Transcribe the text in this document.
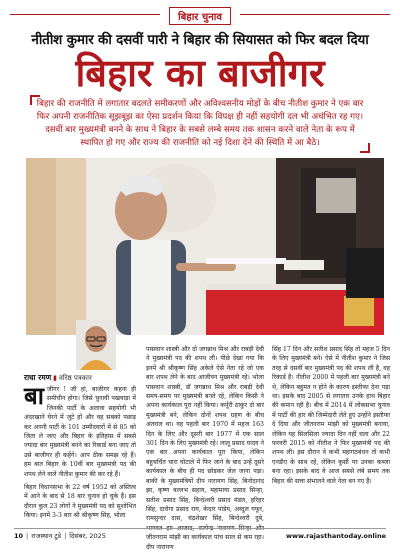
बिहार चुनाव
नीतीश कुमार की दसवीं पारी ने बिहार की सियासत को फिर बदल दिया
बिहार का बाजीगर
बिहार की राजनीति में लगातार बदलते समीकरणों और अविश्वसनीय मोड़ों के बीच नीतीश कुमार ने एक बार फिर अपनी राजनीतिक सूझबूझ का ऐसा प्रदर्शन किया कि विपक्ष ही नहीं सहयोगी दल भी अचंभित रह गए। दसवीं बार मुख्यमंत्री बनने के साथ ने बिहार के सबसे लम्बे समय तक शासन करने वाले नेता के रूप में स्थापित हो गए और राज्य की राजनीति को नई दिशा देने की स्थिति में आ बैठे।
राधा रमण ▮ वरिष्ठ पत्रकार

बाजीगर ! जी हां, बाजीगर कहना ही समीचीन होगा। जिसे चुनावी पखवाड़ा में जिनकी पार्टी के अलावा सहयोगी भी अंदरखाने घेरने में जुटे हों और वह सबको पछाड़ कर अपनी पार्टी के 101 उम्मीदवारों में से 85 को जिता ले जाए और बिहार के इतिहास में सबसे ज्यादा बार मुख्यमंत्री बनने का रिकार्ड बना जाए तो उसे बाजीगर ही कहेंगे। आप ठीक समझ रहे हैं। हम बात बिहार के 10वीं बार मुख्यमंत्री पद की शपथ लेने वाले नीतीश कुमार की कर रहे हैं।

बिहार विधानसभा के 22 वर्ष 1952 को अस्तित्व में आने के बाद से 18 बार चुनाव हो चुके हैं। इस दौरान कुल 23 लोगों ने मुख्यमंत्री पद को सुशोभित किया। इनमें 3-3 बार श्री श्रीकृष्ण सिंह, भोला

पासवान शास्त्री और दो जगन्नाथ मिश्र और राबड़ी देवी ने मुख्यमंत्री पद की शपथ ली। पीछे देखा गया कि इनमें श्री श्रीकृष्ण सिंह अकेले ऐसे नेता रहे जो एक बार शपथ लेने के बाद आजीवन मुख्यमंत्री रहे। भोला पासवान शास्त्री, डॉ जगन्नाथ मिश्र और राबड़ी देवी समय-समय पर मुख्यमंत्री बनते रहे, लेकिन किसी ने अपना कार्यकाल पूरा नहीं किया। कर्पूरी ठाकुर दो बार मुख्यमंत्री बने, लेकिन दोनों शपथ ग्रहण के बीच अंतराल था। वह पहली बार 1970 में महज 163 दिन के लिए और दूसरी बार 1977 में एक साल 301 दिन के लिए मुख्यमंत्री रहे। लालू प्रसाद यादव ने एक बार अपना कार्यकाल पूरा किया, लेकिन बहुचर्चित चारा घोटाले में फिर जाने के बाद उन्हें दूसरे कार्यकाल के बीच ही पद छोड़कर जेल जाना पड़ा। बाकी के मुख्यमंत्रियों दीप नारायण सिंह, बिनोदानंद झा, कृष्ण बल्लभ सहाय, महामाया प्रसाद सिन्हा, सतीश प्रसाद सिंह, बिन्देश्वरी प्रसाद मंडल, हरिहर सिंह, दारोगा प्रसाद राय, केदार पांडेय, अब्दुल गफूर, रामसुन्दर दास, चंद्रशेखर सिंह, बिन्देश्वरी दुबे, भागवत झा आजाद, सत्येन्द्र नारायण सिन्हा और जीतनराम मांझी का कार्यकाल पांच साल से कम रहा। दीप नारायण

सिंह 17 दिन और सतीश प्रसाद सिंह तो महज 5 दिन के लिए मुख्यमंत्री बने। ऐसे में नीतीश कुमार ने जिस तरह से दसवीं बार मुख्यमंत्री पद की शपथ ली है, वह रिकार्ड है। नीतीश 2000 में पहली बार मुख्यमंत्री बने थे, लेकिन बहुमत न होने के कारण इस्तीफा देना पड़ा था। इसके बाद 2005 से लगातार उनके हाथ बिहार की कमान रही है। बीच में 2014 में लोकसभा चुनाव में पार्टी की हार की जिम्मेदारी लेते हुए उन्होंने इस्तीफा दे दिया और जीतनराम मांझी को मुख्यमंत्री बनाया, लेकिन यह सिलसिला ज्यादा दिन नहीं चला और 22 फरवरी 2015 को नीतीश ने फिर मुख्यमंत्री पद की शपथ ली। इस दौरान वे कभी महागठबंधन तो कभी एनडीए के साथ रहे, लेकिन कुर्सी पर उनका कब्जा बना रहा। इसके बाद वे आज सबसे लंबे समय तक बिहार की सत्ता संभालने वाले नेता बन गए हैं।

10 | राजस्थान टुडे | दिसंबर, 2025	www.rajasthantoday.online
